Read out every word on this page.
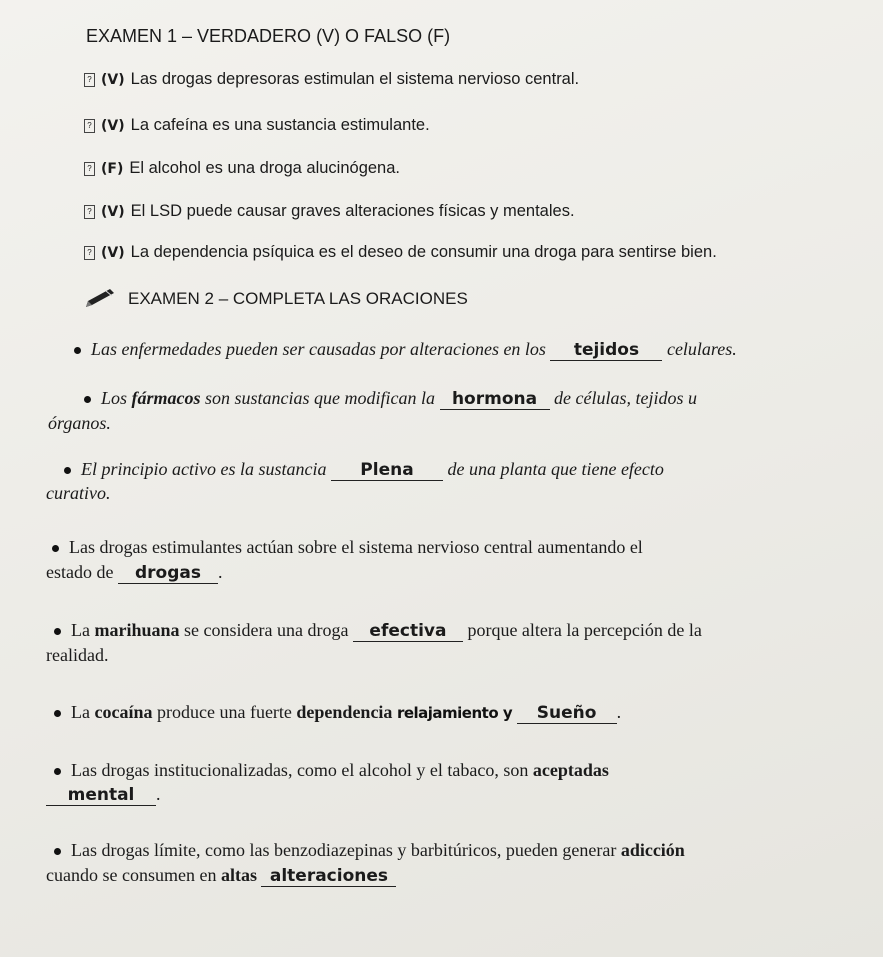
EXAMEN 1 – VERDADERO (V) O FALSO (F)
? (V) Las drogas depresoras estimulan el sistema nervioso central.
? (V) La cafeína es una sustancia estimulante.
? (F) El alcohol es una droga alucinógena.
? (V) El LSD puede causar graves alteraciones físicas y mentales.
? (V) La dependencia psíquica es el deseo de consumir una droga para sentirse bien.
EXAMEN 2 – COMPLETA LAS ORACIONES
Las enfermedades pueden ser causadas por alteraciones en los tejidos celulares.
Los fármacos son sustancias que modifican la hormona de células, tejidos u
órganos.
El principio activo es la sustancia Plena de una planta que tiene efecto
curativo.
Las drogas estimulantes actúan sobre el sistema nervioso central aumentando el
estado de drogas .
La marihuana se considera una droga efectiva porque altera la percepción de la
realidad.
La cocaína produce una fuerte dependencia relajamiento y Sueño .
Las drogas institucionalizadas, como el alcohol y el tabaco, son aceptadas
mental .
Las drogas límite, como las benzodiazepinas y barbitúricos, pueden generar adicción
cuando se consumen en altas alteraciones
